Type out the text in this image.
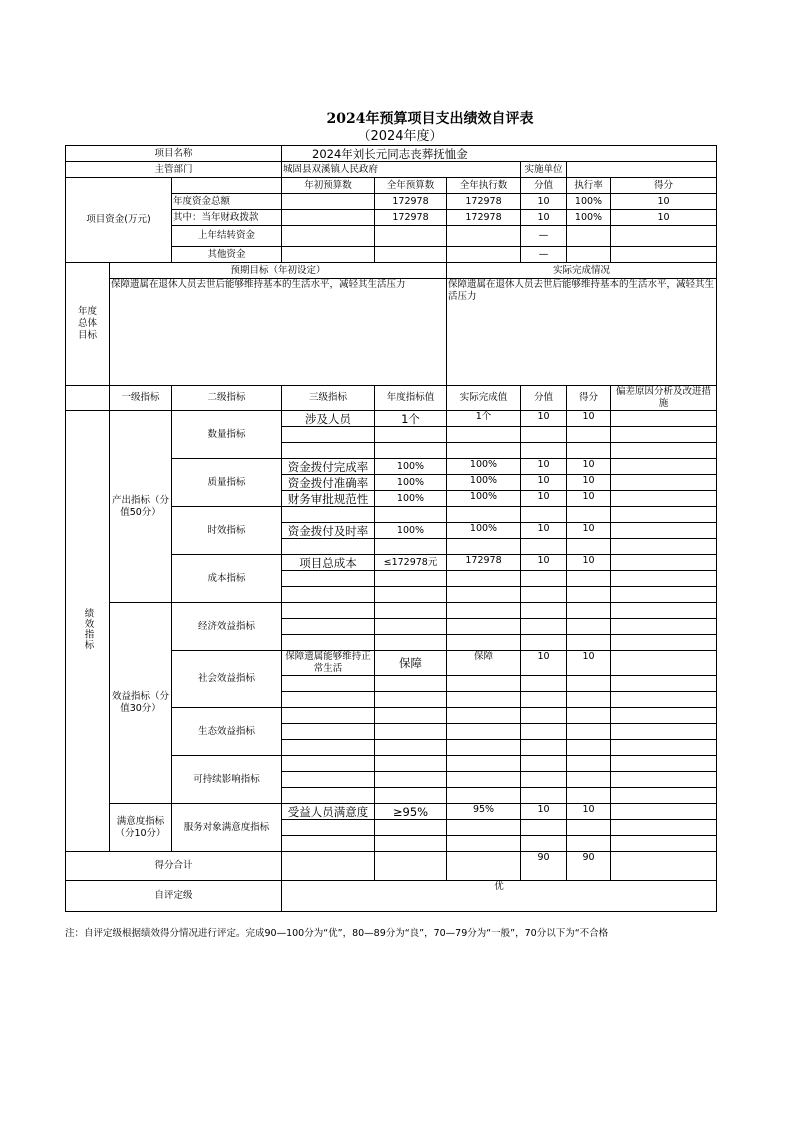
2024年预算项目支出绩效自评表
（2024年度）
项目名称			2024年刘长元同志丧葬抚恤金					
主管部门			城固县双溪镇人民政府			实施单位		
项目资金(万元)			年初预算数	全年预算数	全年执行数	分值	执行率	得分
		年度资金总额		172978	172978	10	100%	10
		其中：当年财政拨款		172978	172978	10	100%	10
		上年结转资金				—		
		其他资金				—		
年度总体目标	预期目标（年初设定）				实际完成情况			
	保障遗属在退休人员去世后能够维持基本的生活水平，减轻其生活压力				保障遗属在退休人员去世后能够维持基本的生活水平，减轻其生活压力			
	一级指标	二级指标	三级指标	年度指标值	实际完成值	分值	得分	偏差原因分析及改进措施
绩效指标	产出指标（分值50分）	数量指标	涉及人员	1个	1个	10	10	

		质量指标	资金拨付完成率	100%	100%	10	10	
			资金拨付准确率	100%	100%	10	10	
			财务审批规范性	100%	100%	10	10	
		时效指标						
			资金拨付及时率	100%	100%	10	10	

		成本指标	项目总成本	≤172978元	172978	10	10	

	效益指标（分值30分）	经济效益指标						

		社会效益指标	保障遗属能够维持正常生活	保障	保障	10	10	

		生态效益指标						

		可持续影响指标						

	满意度指标（分10分）	服务对象满意度指标	受益人员满意度	≥95%	95%	10	10	

得分合计						90	90	
自评定级			优					
注：自评定级根据绩效得分情况进行评定。完成90—100分为“优”，80—89分为“良”，70—79分为“一般”，70分以下为“不合格
